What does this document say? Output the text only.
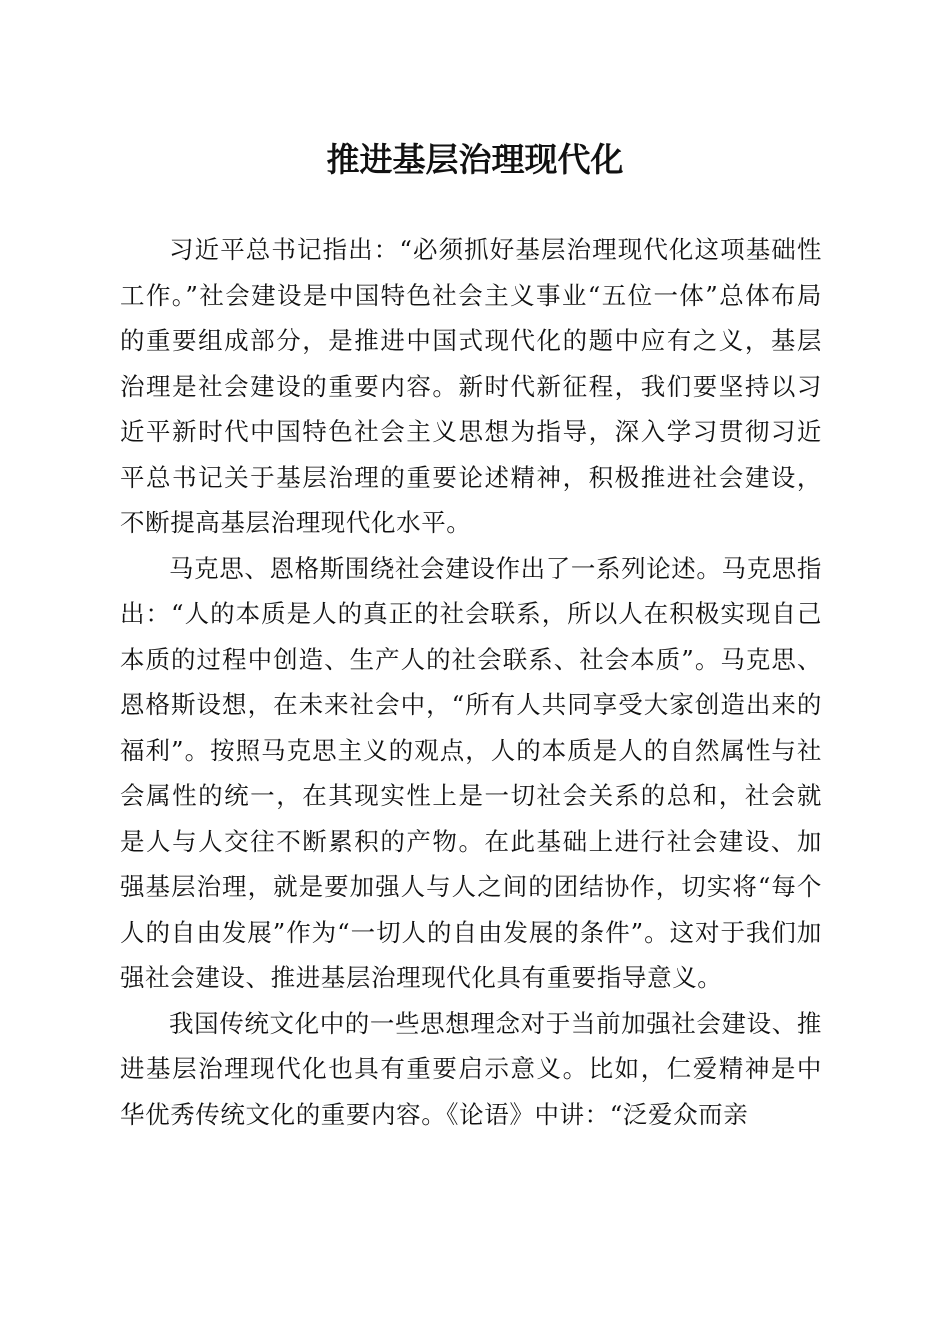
推进基层治理现代化

习近平总书记指出：“必须抓好基层治理现代化这项基础性工作。”社会建设是中国特色社会主义事业“五位一体”总体布局的重要组成部分，是推进中国式现代化的题中应有之义，基层治理是社会建设的重要内容。新时代新征程，我们要坚持以习近平新时代中国特色社会主义思想为指导，深入学习贯彻习近平总书记关于基层治理的重要论述精神，积极推进社会建设，不断提高基层治理现代化水平。

马克思、恩格斯围绕社会建设作出了一系列论述。马克思指出：“人的本质是人的真正的社会联系，所以人在积极实现自己本质的过程中创造、生产人的社会联系、社会本质”。马克思、恩格斯设想，在未来社会中，“所有人共同享受大家创造出来的福利”。按照马克思主义的观点，人的本质是人的自然属性与社会属性的统一，在其现实性上是一切社会关系的总和，社会就是人与人交往不断累积的产物。在此基础上进行社会建设、加强基层治理，就是要加强人与人之间的团结协作，切实将“每个人的自由发展”作为“一切人的自由发展的条件”。这对于我们加强社会建设、推进基层治理现代化具有重要指导意义。

我国传统文化中的一些思想理念对于当前加强社会建设、推进基层治理现代化也具有重要启示意义。比如，仁爱精神是中华优秀传统文化的重要内容。《论语》中讲：“泛爱众而亲
